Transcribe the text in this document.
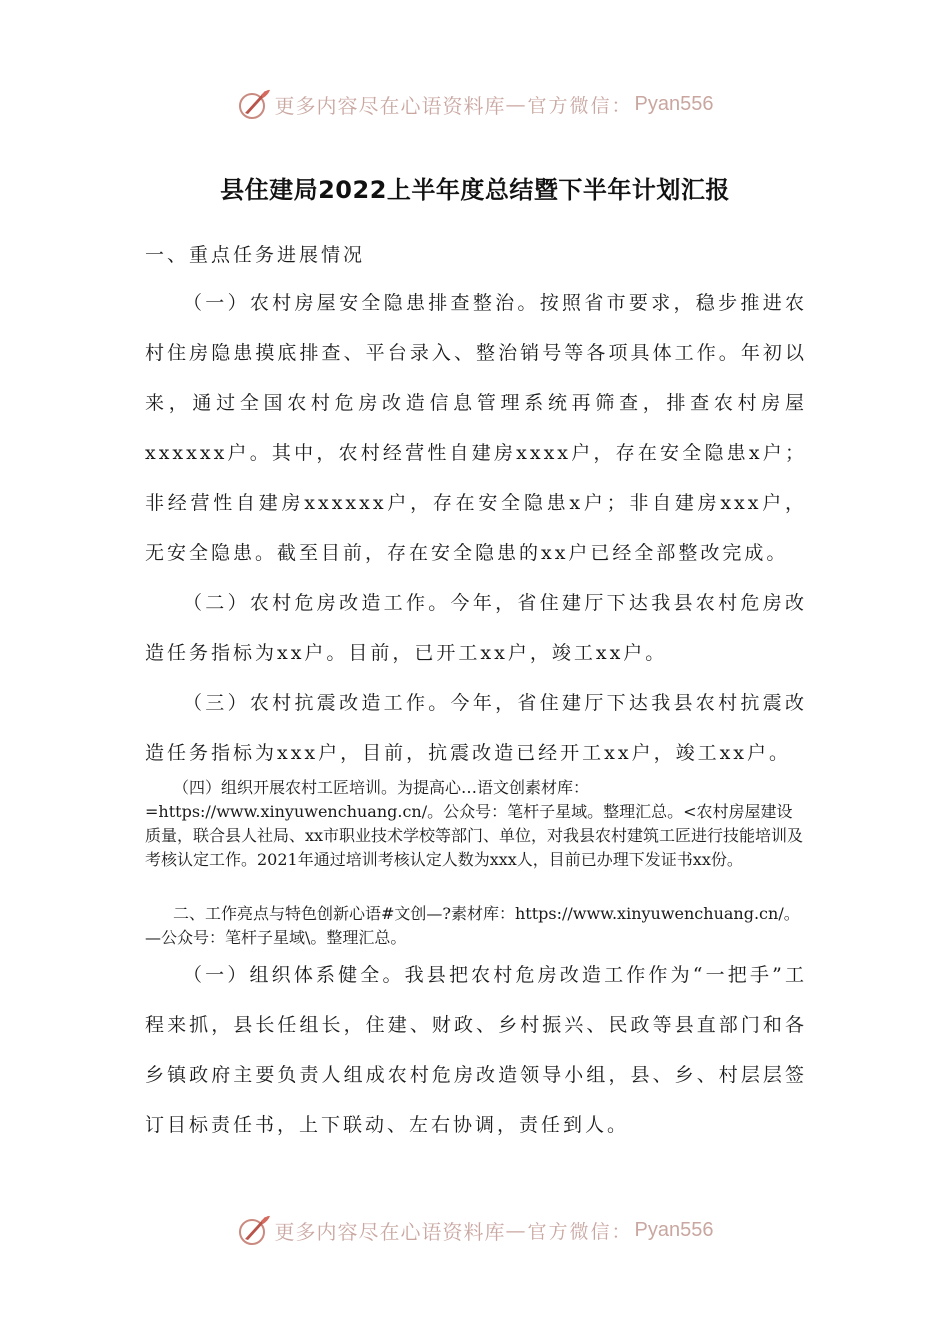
更多内容尽在心语资料库 — 官方微信： Pyan556
县住建局2022上半年度总结暨下半年计划汇报

一、重点任务进展情况

（一）农村房屋安全隐患排查整治。按照省市要求，稳步推进农村住房隐患摸底排查、平台录入、整治销号等各项具体工作。年初以来，通过全国农村危房改造信息管理系统再筛查，排查农村房屋xxxxxx户。其中，农村经营性自建房xxxx户，存在安全隐患x户；非经营性自建房xxxxxx户，存在安全隐患x户；非自建房xxx户，无安全隐患。截至目前，存在安全隐患的xx户已经全部整改完成。

（二）农村危房改造工作。今年，省住建厅下达我县农村危房改造任务指标为xx户。目前，已开工xx户，竣工xx户。

（三）农村抗震改造工作。今年，省住建厅下达我县农村抗震改造任务指标为xxx户，目前，抗震改造已经开工xx户，竣工xx户。

（四）组织开展农村工匠培训。为提高心…语文创素材库：=https://www.xinyuwenchuang.cn/。公众号：笔杆子星域。整理汇总。<农村房屋建设质量，联合县人社局、xx市职业技术学校等部门、单位，对我县农村建筑工匠进行技能培训及考核认定工作。2021年通过培训考核认定人数为xxx人，目前已办理下发证书xx份。

二、工作亮点与特色创新心语#文创—?素材库：https://www.xinyuwenchuang.cn/。—公众号：笔杆子星域\。整理汇总。

（一）组织体系健全。我县把农村危房改造工作作为“一把手”工程来抓，县长任组长，住建、财政、乡村振兴、民政等县直部门和各乡镇政府主要负责人组成农村危房改造领导小组，县、乡、村层层签订目标责任书，上下联动、左右协调，责任到人。

更多内容尽在心语资料库 — 官方微信： Pyan556
